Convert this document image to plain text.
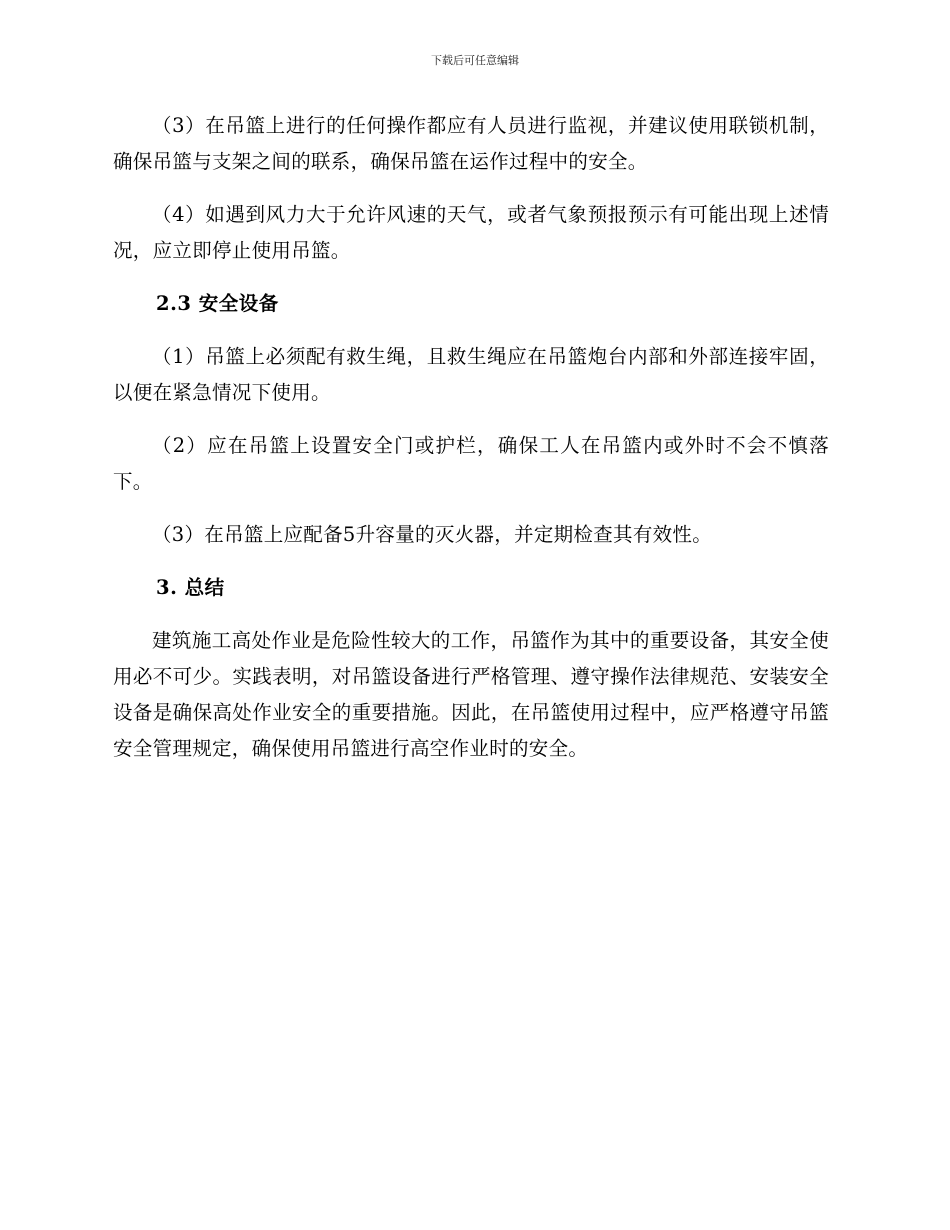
下载后可任意编辑

（3）在吊篮上进行的任何操作都应有人员进行监视，并建议使用联锁机制，确保吊篮与支架之间的联系，确保吊篮在运作过程中的安全。

（4）如遇到风力大于允许风速的天气，或者气象预报预示有可能出现上述情况，应立即停止使用吊篮。

2.3 安全设备

（1）吊篮上必须配有救生绳，且救生绳应在吊篮炮台内部和外部连接牢固，以便在紧急情况下使用。

（2）应在吊篮上设置安全门或护栏，确保工人在吊篮内或外时不会不慎落下。

（3）在吊篮上应配备5升容量的灭火器，并定期检查其有效性。

3. 总结

建筑施工高处作业是危险性较大的工作，吊篮作为其中的重要设备，其安全使用必不可少。实践表明，对吊篮设备进行严格管理、遵守操作法律规范、安装安全设备是确保高处作业安全的重要措施。因此，在吊篮使用过程中，应严格遵守吊篮安全管理规定，确保使用吊篮进行高空作业时的安全。
